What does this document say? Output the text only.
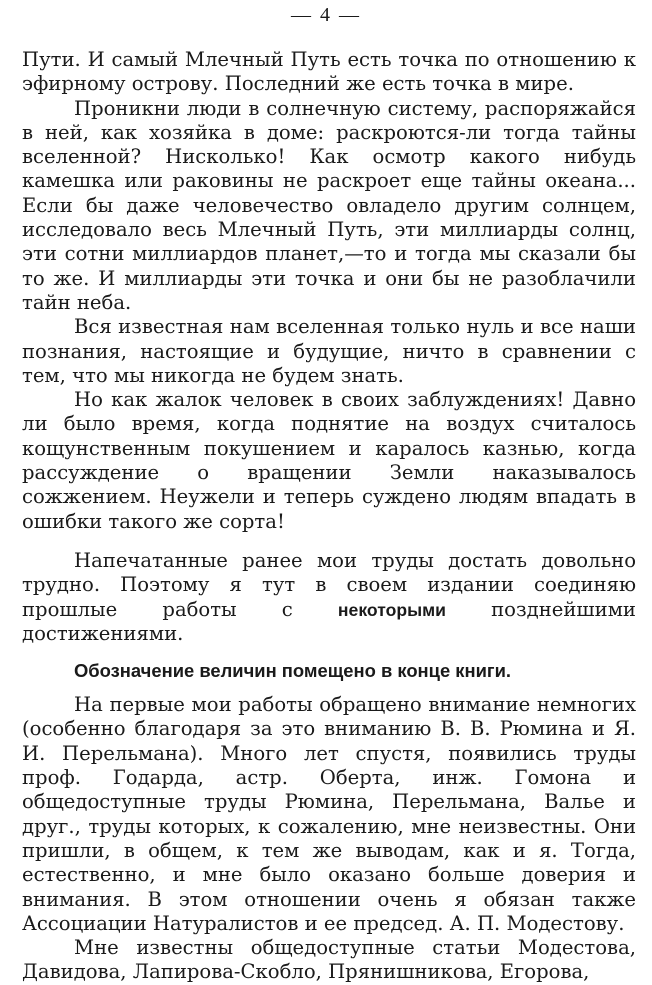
— 4 —

Пути. И самый Млечный Путь есть точка по отношению к эфирному острову. Последний же есть точка в мире.

Проникни люди в солнечную систему, распоряжайся в ней, как хозяйка в доме: раскроются-ли тогда тайны вселенной? Нисколько! Как осмотр какого нибудь камешка или раковины не раскроет еще тайны океана... Если бы даже человечество овладело другим солнцем, исследовало весь Млечный Путь, эти миллиарды солнц, эти сотни миллиардов планет,—то и тогда мы сказали бы то же. И миллиарды эти точка и они бы не разоблачили тайн неба.

Вся известная нам вселенная только нуль и все наши познания, настоящие и будущие, ничто в сравнении с тем, что мы никогда не будем знать.

Но как жалок человек в своих заблуждениях! Давно ли было время, когда поднятие на воздух считалось кощунственным покушением и каралось казнью, когда рассуждение о вращении Земли наказывалось сожжением. Неужели и теперь суждено людям впадать в ошибки такого же сорта!

Напечатанные ранее мои труды достать довольно трудно. Поэтому я тут в своем издании соединяю прошлые работы с некоторыми позднейшими достижениями.

Обозначение величин помещено в конце книги.

На первые мои работы обращено внимание немногих (особенно благодаря за это вниманию В. В. Рюмина и Я. И. Перельмана). Много лет спустя, появились труды проф. Годарда, астр. Оберта, инж. Гомона и общедоступные труды Рюмина, Перельмана, Валье и друг., труды которых, к сожалению, мне неизвестны. Они пришли, в общем, к тем же выводам, как и я. Тогда, естественно, и мне было оказано больше доверия и внимания. В этом отношении очень я обязан также Ассоциации Натуралистов и ее председ. А. П. Модестову.

Мне известны общедоступные статьи Модестова, Давидова, Лапирова-Скобло, Прянишникова, Егорова,
